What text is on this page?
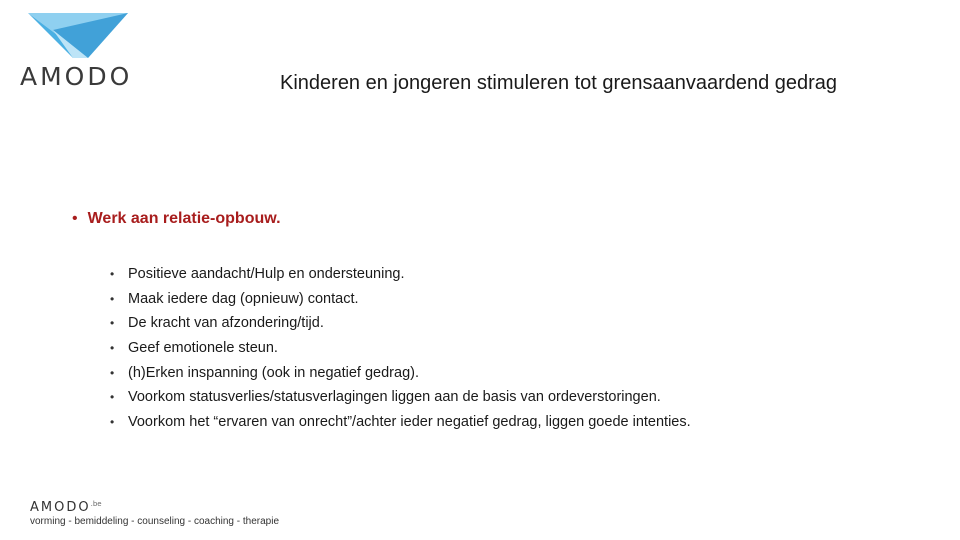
AMODO	Kinderen en jongeren stimuleren tot grensaanvaardend gedrag
• Werk aan relatie-opbouw.
• Positieve aandacht/Hulp en ondersteuning.
• Maak iedere dag (opnieuw) contact.
• De kracht van afzondering/tijd.
• Geef emotionele steun.
• (h)Erken inspanning (ook in negatief gedrag).
• Voorkom statusverlies/statusverlagingen liggen aan de basis van ordeverstoringen.
• Voorkom het “ervaren van onrecht”/achter ieder negatief gedrag, liggen goede intenties.
$AMODO^{.be}$
vorming - bemiddeling - counseling - coaching - therapie
